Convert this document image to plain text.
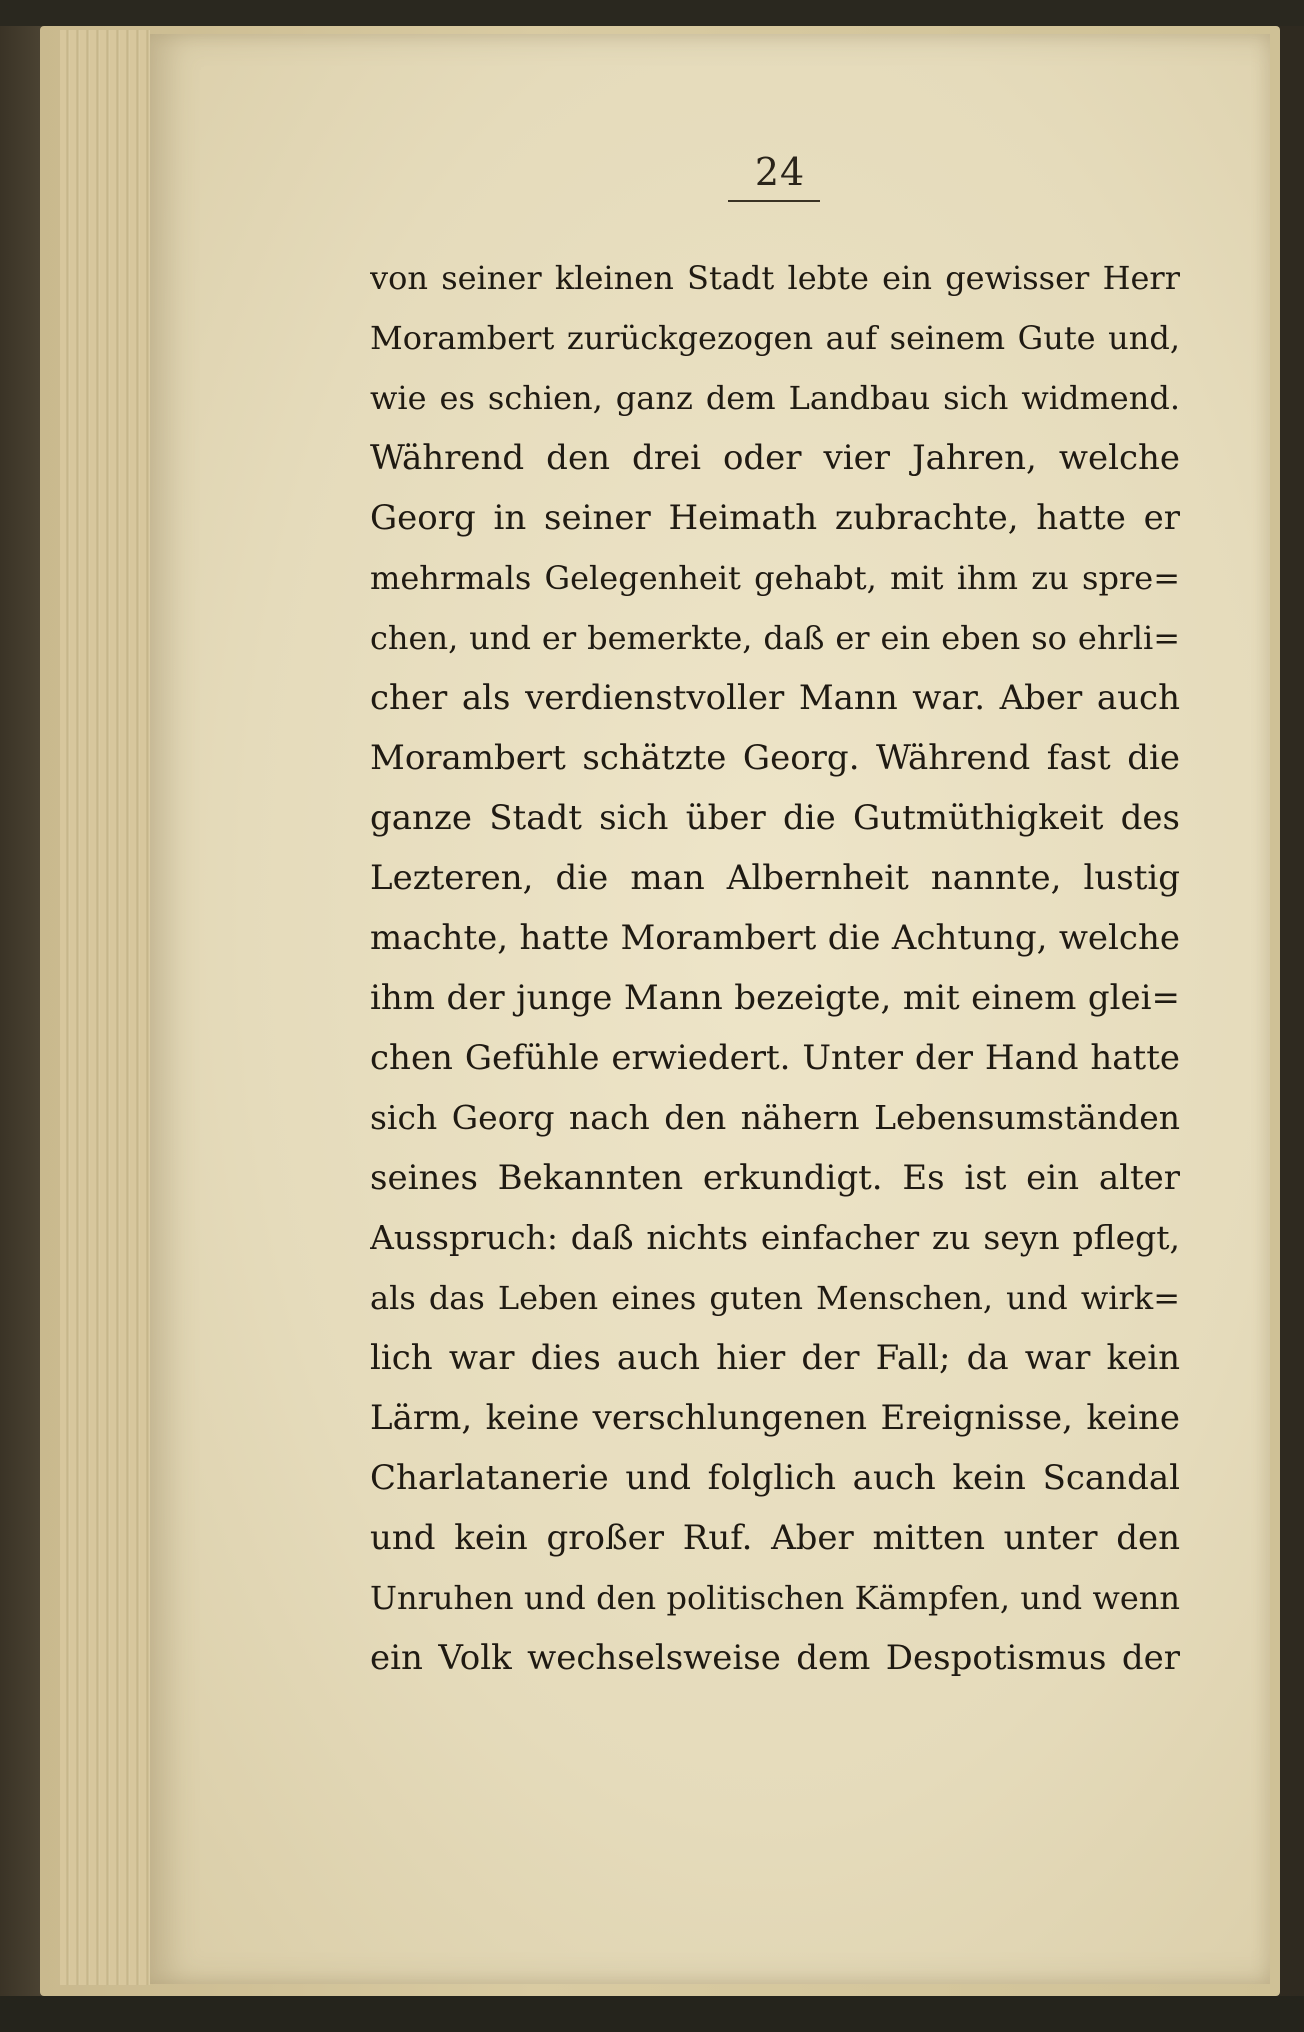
24
von seiner kleinen Stadt lebte ein gewisser Herr
Morambert zurückgezogen auf seinem Gute und,
wie es schien, ganz dem Landbau sich widmend.
Während den drei oder vier Jahren, welche
Georg in seiner Heimath zubrachte, hatte er
mehrmals Gelegenheit gehabt, mit ihm zu spre=
chen, und er bemerkte, daß er ein eben so ehrli=
cher als verdienstvoller Mann war. Aber auch
Morambert schätzte Georg. Während fast die
ganze Stadt sich über die Gutmüthigkeit des
Lezteren, die man Albernheit nannte, lustig
machte, hatte Morambert die Achtung, welche
ihm der junge Mann bezeigte, mit einem glei=
chen Gefühle erwiedert. Unter der Hand hatte
sich Georg nach den nähern Lebensumständen
seines Bekannten erkundigt. Es ist ein alter
Ausspruch: daß nichts einfacher zu seyn pflegt,
als das Leben eines guten Menschen, und wirk=
lich war dies auch hier der Fall; da war kein
Lärm, keine verschlungenen Ereignisse, keine
Charlatanerie und folglich auch kein Scandal
und kein großer Ruf. Aber mitten unter den
Unruhen und den politischen Kämpfen, und wenn
ein Volk wechselsweise dem Despotismus der
